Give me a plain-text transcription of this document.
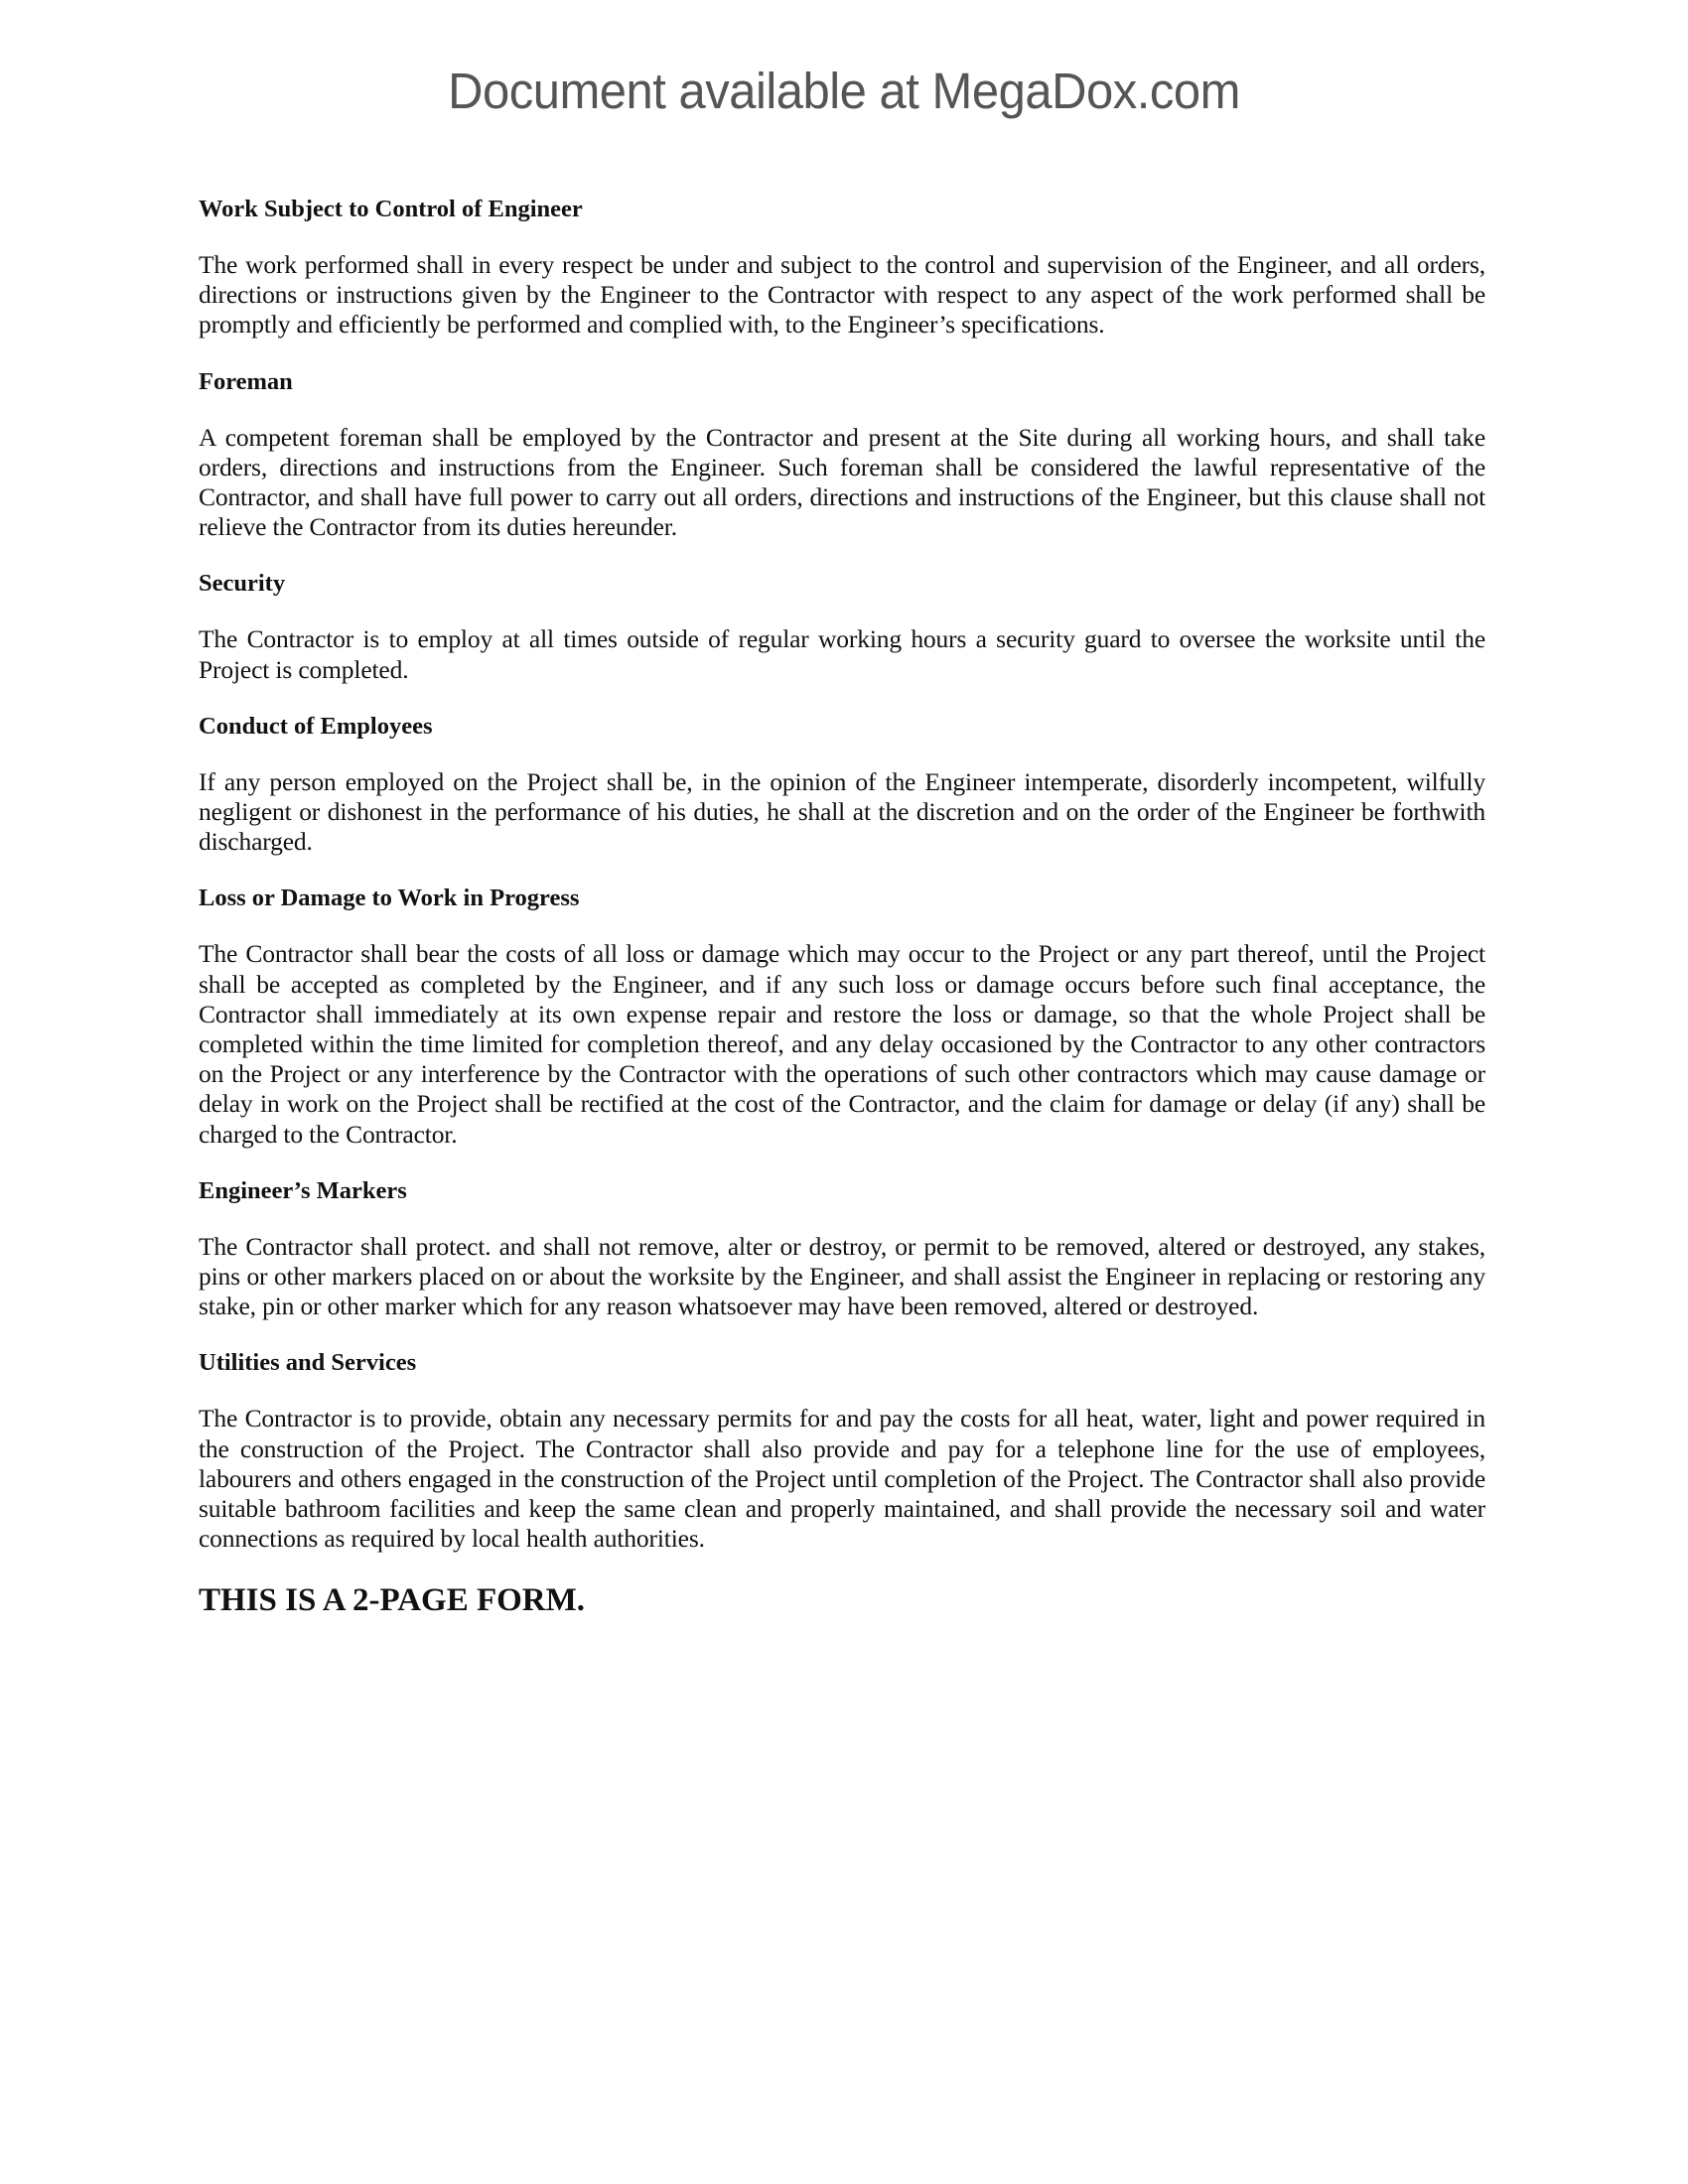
Document available at MegaDox.com
Work Subject to Control of Engineer

The work performed shall in every respect be under and subject to the control and supervision of the Engineer, and all orders, directions or instructions given by the Engineer to the Contractor with respect to any aspect of the work performed shall be promptly and efficiently be performed and complied with, to the Engineer’s specifications.

Foreman

A competent foreman shall be employed by the Contractor and present at the Site during all working hours, and shall take orders, directions and instructions from the Engineer. Such foreman shall be considered the lawful representative of the Contractor, and shall have full power to carry out all orders, directions and instructions of the Engineer, but this clause shall not relieve the Contractor from its duties hereunder.

Security

The Contractor is to employ at all times outside of regular working hours a security guard to oversee the worksite until the Project is completed.

Conduct of Employees

If any person employed on the Project shall be, in the opinion of the Engineer intemperate, disorderly incompetent, wilfully negligent or dishonest in the performance of his duties, he shall at the discretion and on the order of the Engineer be forthwith discharged.

Loss or Damage to Work in Progress

The Contractor shall bear the costs of all loss or damage which may occur to the Project or any part thereof, until the Project shall be accepted as completed by the Engineer, and if any such loss or damage occurs before such final acceptance, the Contractor shall immediately at its own expense repair and restore the loss or damage, so that the whole Project shall be completed within the time limited for completion thereof, and any delay occasioned by the Contractor to any other contractors on the Project or any interference by the Contractor with the operations of such other contractors which may cause damage or delay in work on the Project shall be rectified at the cost of the Contractor, and the claim for damage or delay (if any) shall be charged to the Contractor.

Engineer’s Markers

The Contractor shall protect. and shall not remove, alter or destroy, or permit to be removed, altered or destroyed, any stakes, pins or other markers placed on or about the worksite by the Engineer, and shall assist the Engineer in replacing or restoring any stake, pin or other marker which for any reason whatsoever may have been removed, altered or destroyed.

Utilities and Services

The Contractor is to provide, obtain any necessary permits for and pay the costs for all heat, water, light and power required in the construction of the Project. The Contractor shall also provide and pay for a telephone line for the use of employees, labourers and others engaged in the construction of the Project until completion of the Project. The Contractor shall also provide suitable bathroom facilities and keep the same clean and properly maintained, and shall provide the necessary soil and water connections as required by local health authorities.

THIS IS A 2-PAGE FORM.
